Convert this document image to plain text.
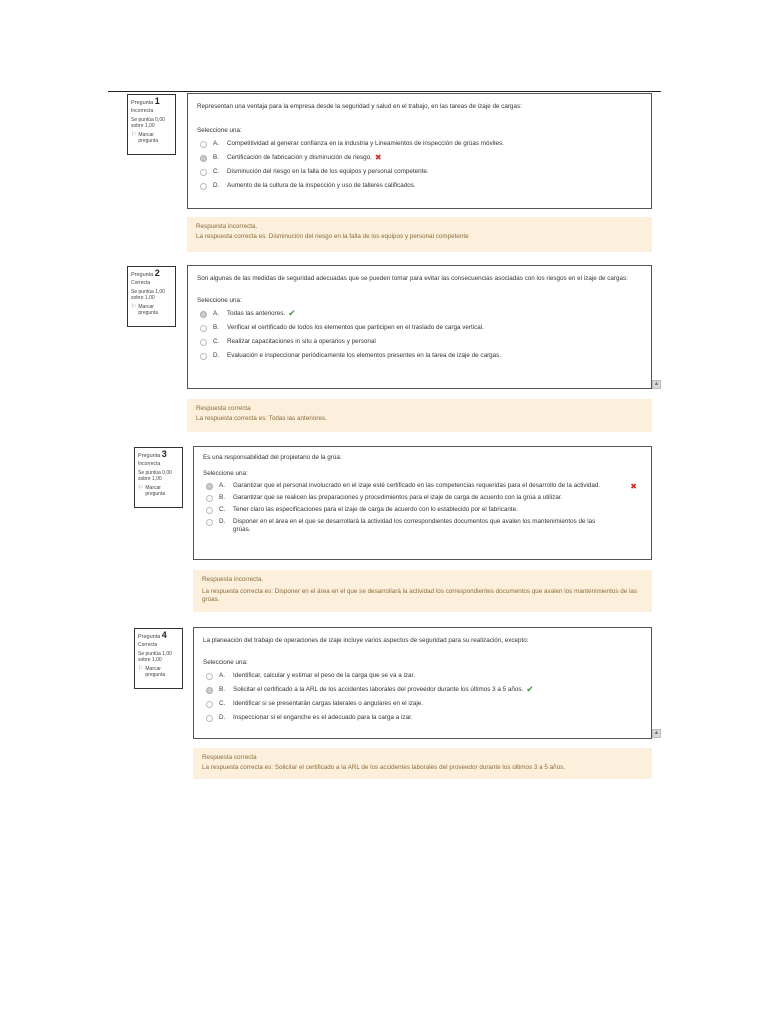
Pregunta 1
Incorrecta
Se puntúa 0,00 sobre 1,00
⚐ Marcar pregunta
Representan una ventaja para la empresa desde la seguridad y salud en el trabajo, en las tareas de izaje de cargas:
Seleccione una:
A.	Competitividad al generar confianza en la industria y Lineamientos de inspección de grúas móviles.
B.	Certificación de fabricación y disminución de riesgo. ✖
C.	Disminución del riesgo en la falla de los equipos y personal competente.
D.	Aumento de la cultura de la inspección y uso de talleres calificados.
Respuesta incorrecta.
La respuesta correcta es: Disminución del riesgo en la falla de los equipos y personal competente
Pregunta 2
Correcta
Se puntúa 1,00 sobre 1,00
⚐ Marcar pregunta
Son algunas de las medidas de seguridad adecuadas que se pueden tomar para evitar las consecuencias asociadas con los riesgos en el izaje de cargas:
Seleccione una:
A.	Todas las anteriores. ✔
B.	Verificar el certificado de todos los elementos que participen en el traslado de carga vertical.
C.	Realizar capacitaciones in situ a operarios y personal
D.	Evaluación e inspeccionar periódicamente los elementos presentes en la tarea de izaje de cargas.
▲
Respuesta correcta
La respuesta correcta es: Todas las anteriores.
Pregunta 3
Incorrecta
Se puntúa 0,00 sobre 1,00
⚐ Marcar pregunta
Es una responsabilidad del propietario de la grúa:
Seleccione una:
A.	Garantizar que el personal involucrado en el izaje esté certificado en las competencias requeridas para el desarrollo de la actividad.	✖
B.	Garantizar que se realicen las preparaciones y procedimientos para el izaje de carga de acuerdo con la grúa a utilizar.
C.	Tener claro las especificaciones para el izaje de carga de acuerdo con lo establecido por el fabricante.
D.	Disponer en el área en el que se desarrollará la actividad los correspondientes documentos que avalen los mantenimientos de las grúas.
Respuesta incorrecta.
La respuesta correcta es: Disponer en el área en el que se desarrollará la actividad los correspondientes documentos que avalen los mantenimientos de las grúas.
Pregunta 4
Correcta
Se puntúa 1,00 sobre 1,00
⚐ Marcar pregunta
La planeación del trabajo de operaciones de izaje incluye varios aspectos de seguridad para su realización, excepto:
Seleccione una:
A.	Identificar, calcular y estimar el peso de la carga que se va a izar.
B.	Solicitar el certificado a la ARL de los accidentes laborales del proveedor durante los últimos 3 a 5 años. ✔
C.	Identificar si se presentarán cargas laterales o angulares en el izaje.
D.	Inspeccionar si el enganche es el adecuado para la carga a izar.
▲
Respuesta correcta
La respuesta correcta es: Solicitar el certificado a la ARL de los accidentes laborales del proveedor durante los últimos 3 a 5 años.
